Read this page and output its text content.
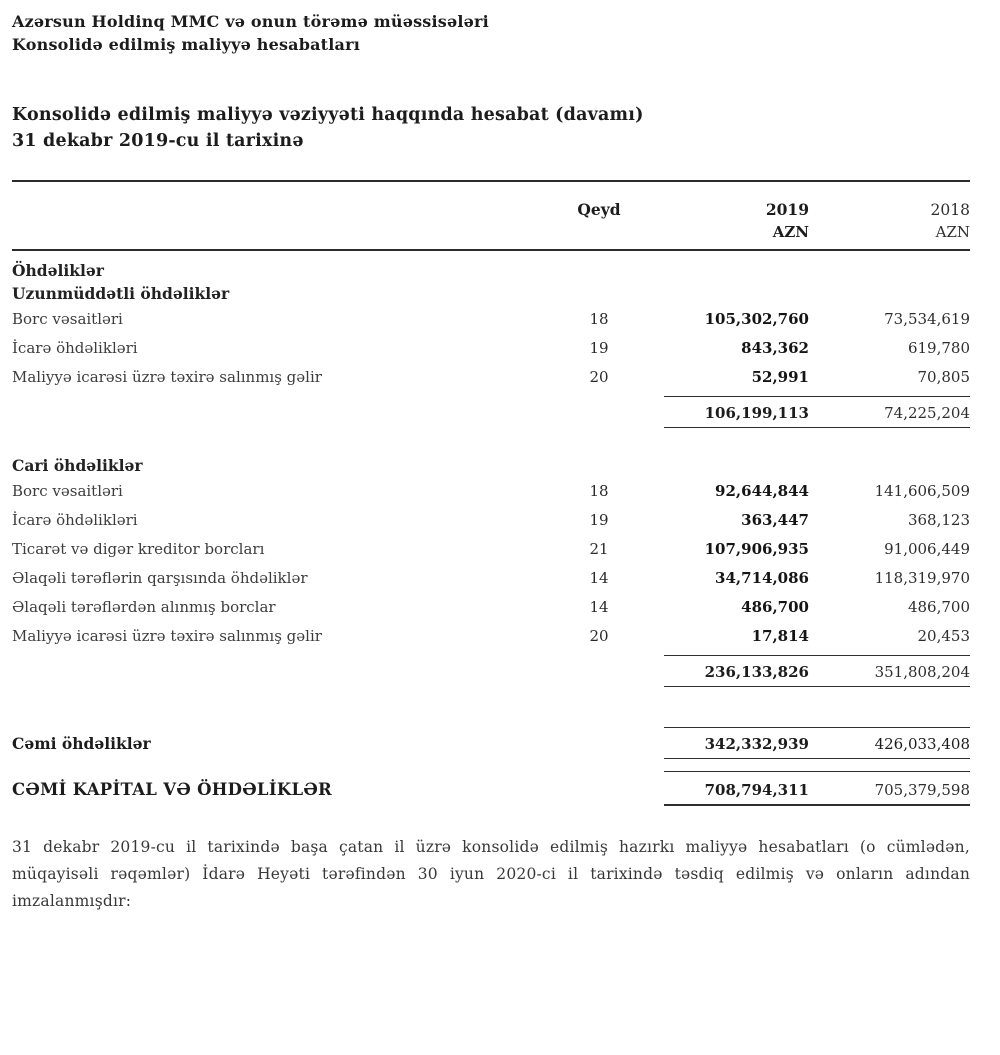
Azərsun Holdinq MMC və onun törəmə müəssisələri
Konsolidə edilmiş maliyyə hesabatları
Konsolidə edilmiş maliyyə vəziyyəti haqqında hesabat (davamı)
31 dekabr 2019-cu il tarixinə
Qeyd	2019	2018
AZN	AZN
Öhdəliklər
Uzunmüddətli öhdəliklər
Borc vəsaitləri	18	105,302,760	73,534,619
İcarə öhdəlikləri	19	843,362	619,780
Maliyyə icarəsi üzrə təxirə salınmış gəlir	20	52,991	70,805
106,199,113	74,225,204
Cari öhdəliklər
Borc vəsaitləri	18	92,644,844	141,606,509
İcarə öhdəlikləri	19	363,447	368,123
Ticarət və digər kreditor borcları	21	107,906,935	91,006,449
Əlaqəli tərəflərin qarşısında öhdəliklər	14	34,714,086	118,319,970
Əlaqəli tərəflərdən alınmış borclar	14	486,700	486,700
Maliyyə icarəsi üzrə təxirə salınmış gəlir	20	17,814	20,453
236,133,826	351,808,204
Cəmi öhdəliklər	342,332,939	426,033,408
CƏMİ KAPİTAL VƏ ÖHDƏLİKLƏR	708,794,311	705,379,598

31 dekabr 2019-cu il tarixində başa çatan il üzrə konsolidə edilmiş hazırkı maliyyə hesabatları (o cümlədən, müqayisəli rəqəmlər) İdarə Heyəti tərəfindən 30 iyun 2020-ci il tarixində təsdiq edilmiş və onların adından imzalanmışdır:
